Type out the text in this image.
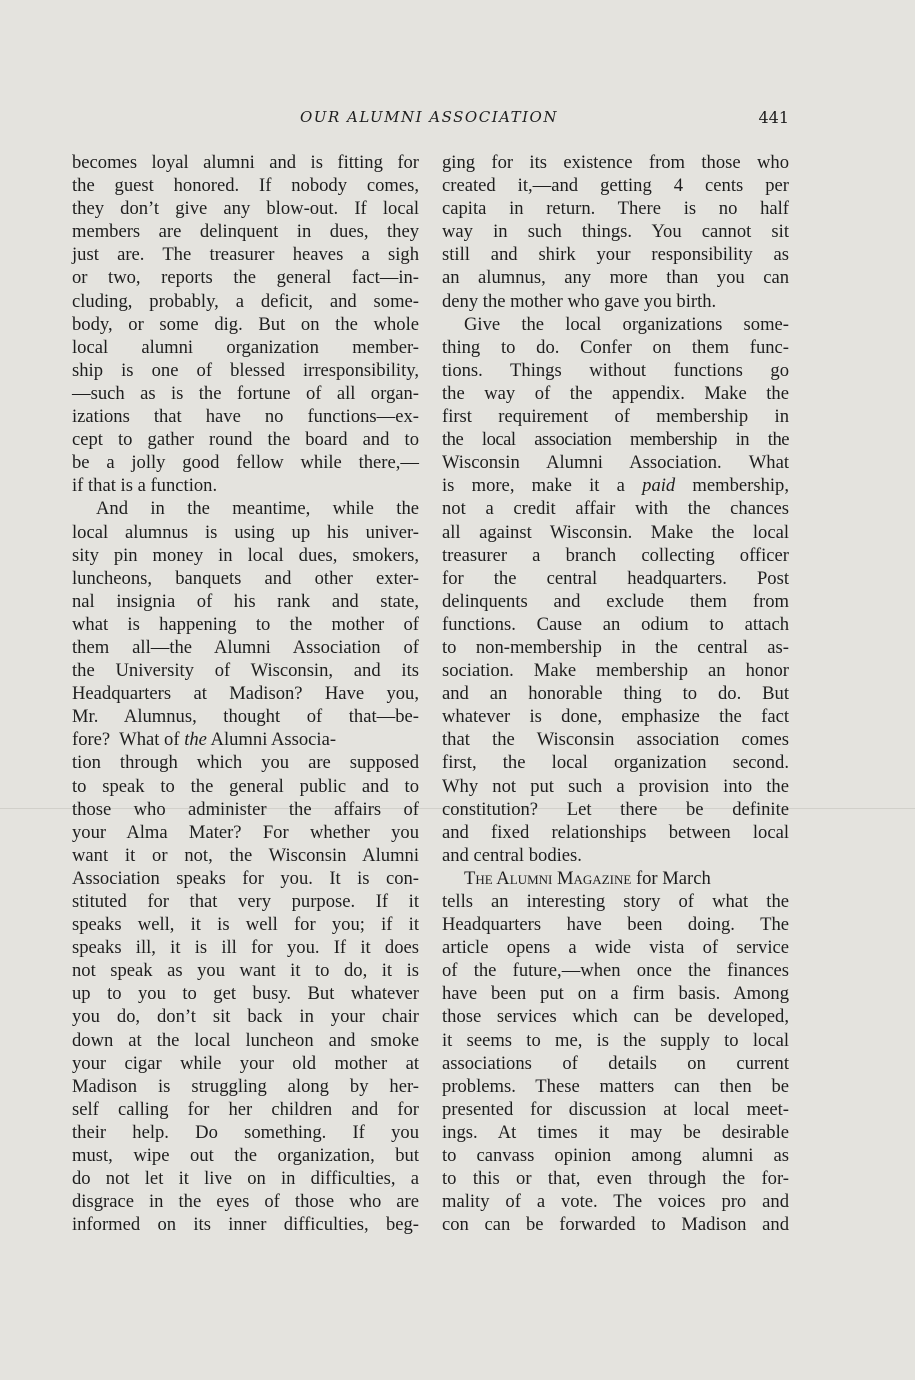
OUR ALUMNI ASSOCIATION	441
becomes loyal alumni and is fitting for
the guest honored. If nobody comes,
they don’t give any blow-out. If local
members are delinquent in dues, they
just are. The treasurer heaves a sigh
or two, reports the general fact—in-
cluding, probably, a deficit, and some-
body, or some dig. But on the whole
local alumni organization member-
ship is one of blessed irresponsibility,
—such as is the fortune of all organ-
izations that have no functions—ex-
cept to gather round the board and to
be a jolly good fellow while there,—
if that is a function.
And in the meantime, while the
local alumnus is using up his univer-
sity pin money in local dues, smokers,
luncheons, banquets and other exter-
nal insignia of his rank and state,
what is happening to the mother of
them all—the Alumni Association of
the University of Wisconsin, and its
Headquarters at Madison? Have you,
Mr. Alumnus, thought of that—be-
fore?  What of the Alumni Associa-
tion through which you are supposed
to speak to the general public and to
those who administer the affairs of
your Alma Mater? For whether you
want it or not, the Wisconsin Alumni
Association speaks for you. It is con-
stituted for that very purpose. If it
speaks well, it is well for you; if it
speaks ill, it is ill for you. If it does
not speak as you want it to do, it is
up to you to get busy. But whatever
you do, don’t sit back in your chair
down at the local luncheon and smoke
your cigar while your old mother at
Madison is struggling along by her-
self calling for her children and for
their help. Do something. If you
must, wipe out the organization, but
do not let it live on in difficulties, a
disgrace in the eyes of those who are
informed on its inner difficulties, beg-
ging for its existence from those who
created it,—and getting 4 cents per
capita in return. There is no half
way in such things. You cannot sit
still and shirk your responsibility as
an alumnus, any more than you can
deny the mother who gave you birth.
Give the local organizations some-
thing to do. Confer on them func-
tions. Things without functions go
the way of the appendix. Make the
first requirement of membership in
the local association membership in the
Wisconsin Alumni Association. What
is more, make it a paid membership,
not a credit affair with the chances
all against Wisconsin. Make the local
treasurer a branch collecting officer
for the central headquarters. Post
delinquents and exclude them from
functions. Cause an odium to attach
to non-membership in the central as-
sociation. Make membership an honor
and an honorable thing to do. But
whatever is done, emphasize the fact
that the Wisconsin association comes
first, the local organization second.
Why not put such a provision into the
constitution? Let there be definite
and fixed relationships between local
and central bodies.
The Alumni Magazine for March
tells an interesting story of what the
Headquarters have been doing. The
article opens a wide vista of service
of the future,—when once the finances
have been put on a firm basis. Among
those services which can be developed,
it seems to me, is the supply to local
associations of details on current
problems. These matters can then be
presented for discussion at local meet-
ings. At times it may be desirable
to canvass opinion among alumni as
to this or that, even through the for-
mality of a vote. The voices pro and
con can be forwarded to Madison and
